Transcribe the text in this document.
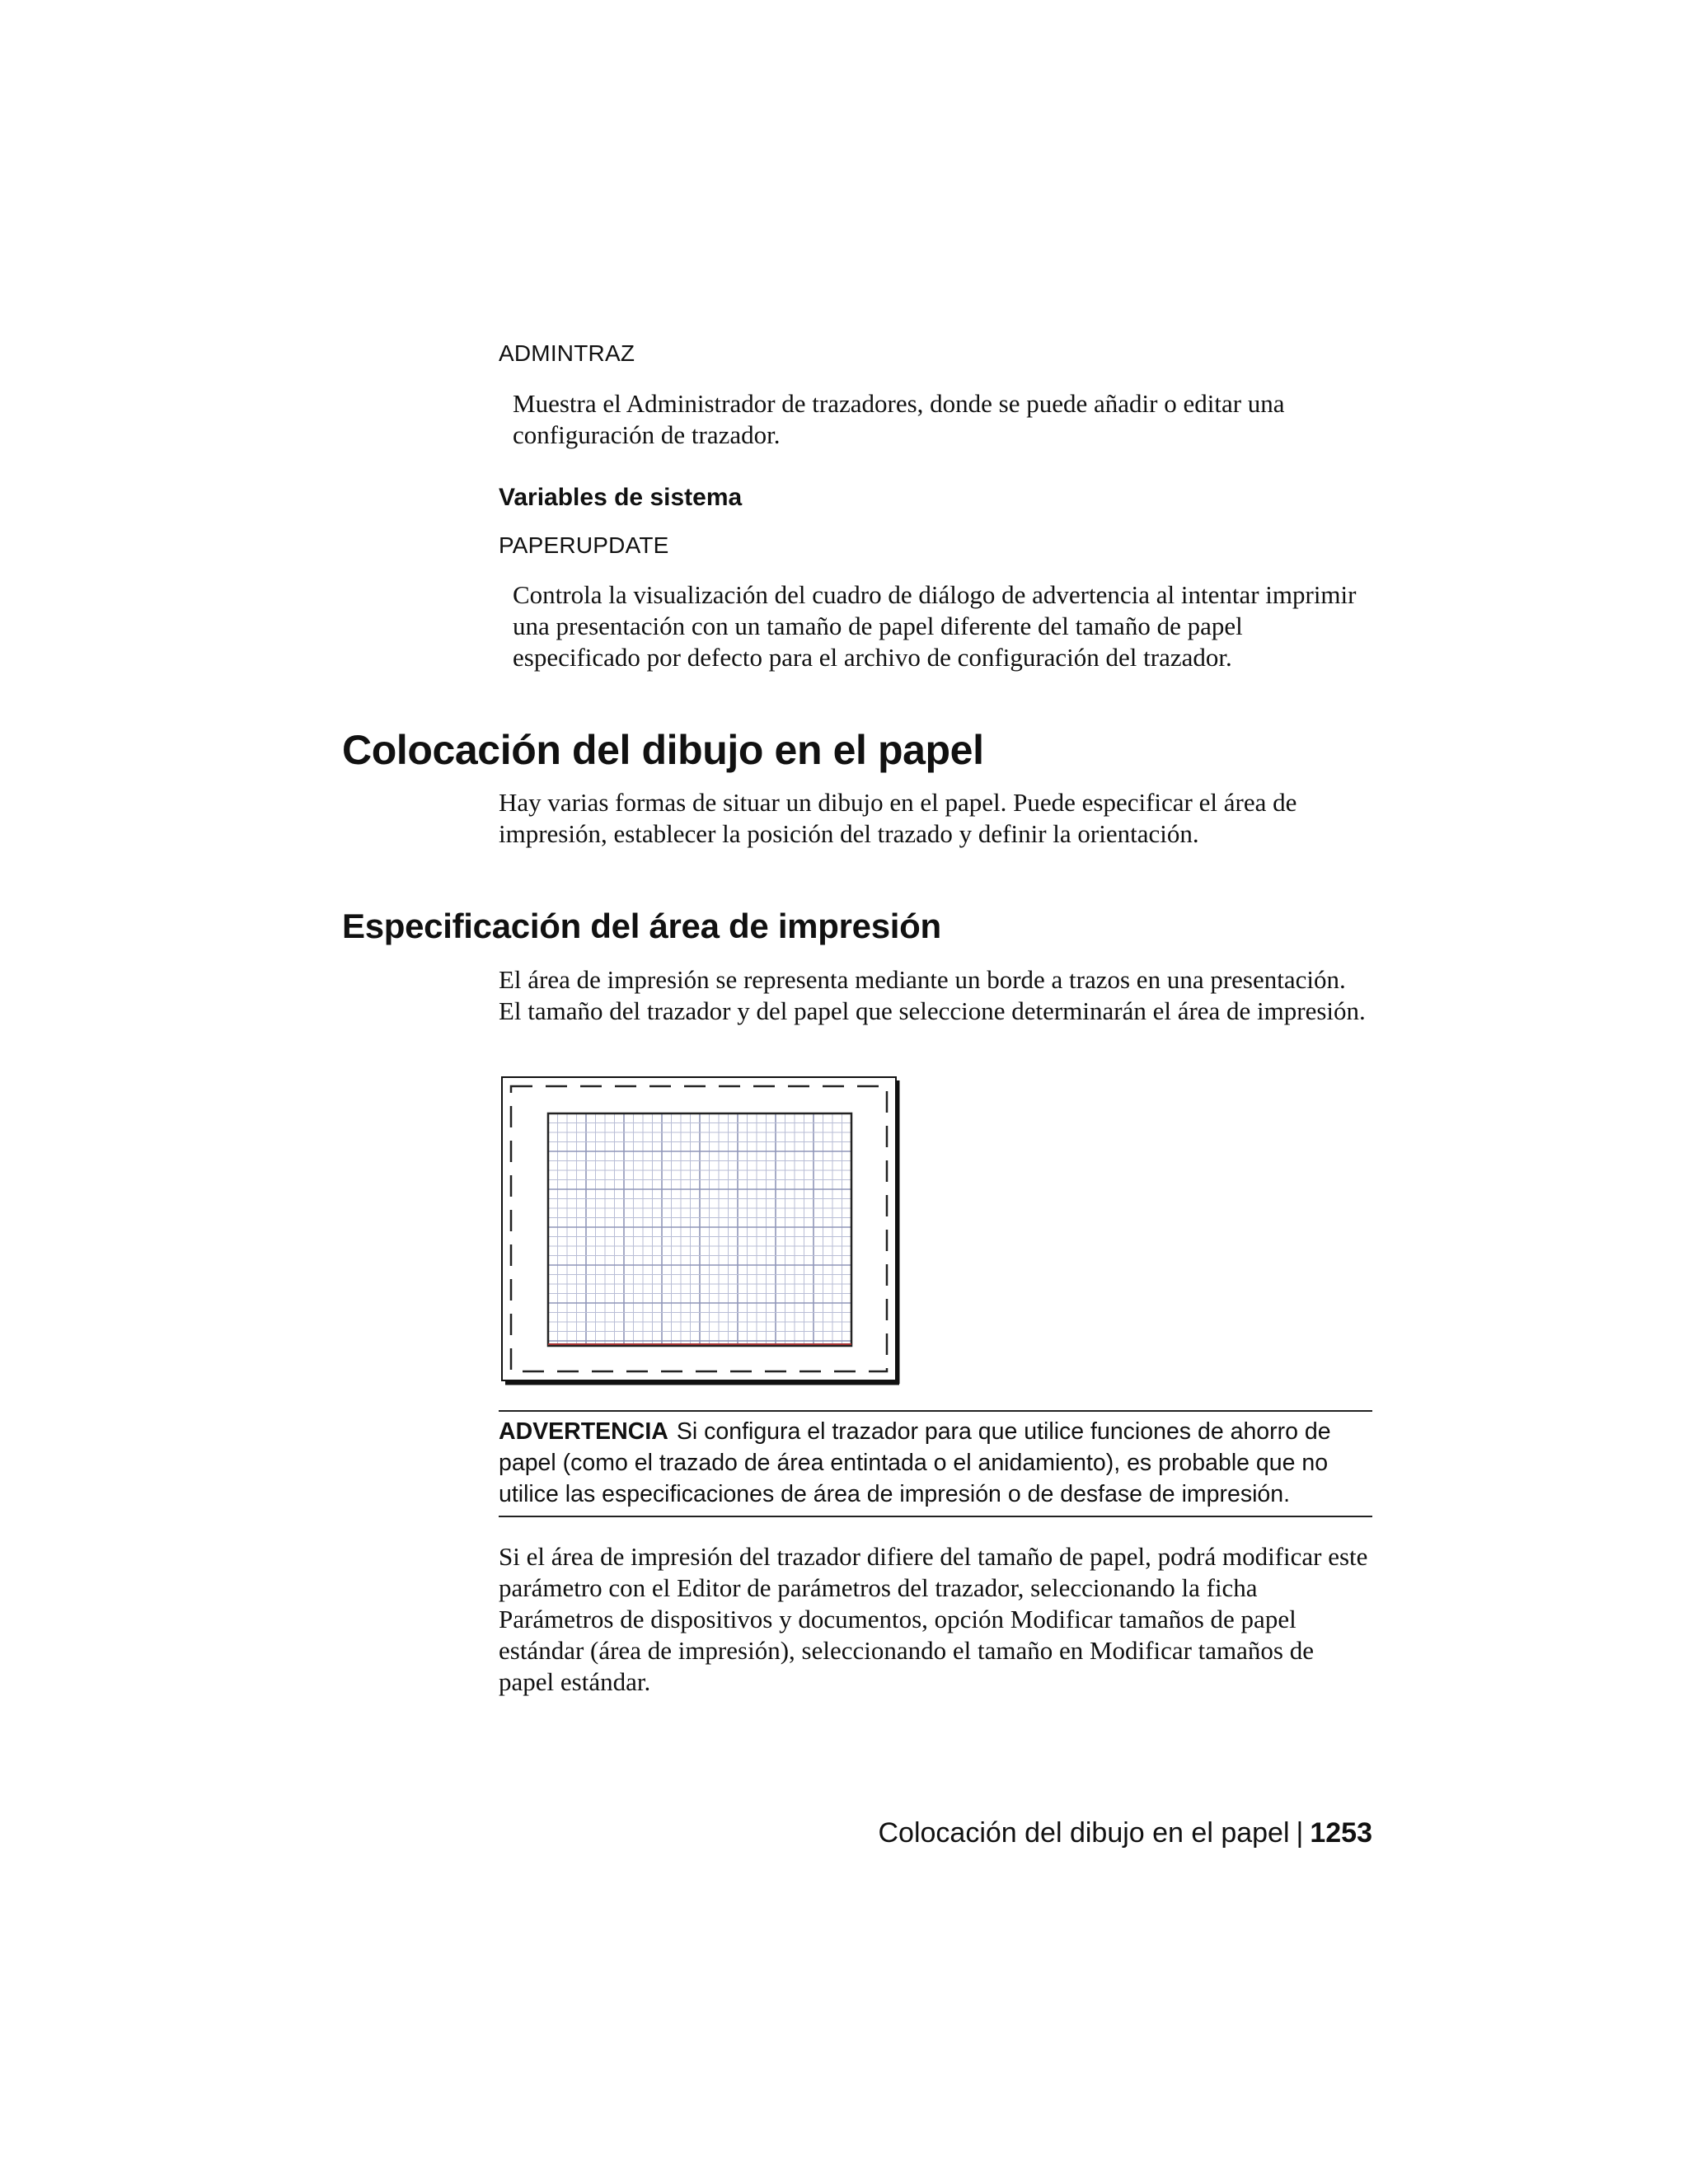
ADMINTRAZ
Muestra el Administrador de trazadores, donde se puede añadir o editar una configuración de trazador.
Variables de sistema
PAPERUPDATE
Controla la visualización del cuadro de diálogo de advertencia al intentar imprimir una presentación con un tamaño de papel diferente del tamaño de papel especificado por defecto para el archivo de configuración del trazador.
Colocación del dibujo en el papel
Hay varias formas de situar un dibujo en el papel. Puede especificar el área de impresión, establecer la posición del trazado y definir la orientación.
Especificación del área de impresión
El área de impresión se representa mediante un borde a trazos en una presentación. El tamaño del trazador y del papel que seleccione determinarán el área de impresión.
ADVERTENCIA Si configura el trazador para que utilice funciones de ahorro de papel (como el trazado de área entintada o el anidamiento), es probable que no utilice las especificaciones de área de impresión o de desfase de impresión.
Si el área de impresión del trazador difiere del tamaño de papel, podrá modificar este parámetro con el Editor de parámetros del trazador, seleccionando la ficha Parámetros de dispositivos y documentos, opción Modificar tamaños de papel estándar (área de impresión), seleccionando el tamaño en Modificar tamaños de papel estándar.
Colocación del dibujo en el papel | 1253
